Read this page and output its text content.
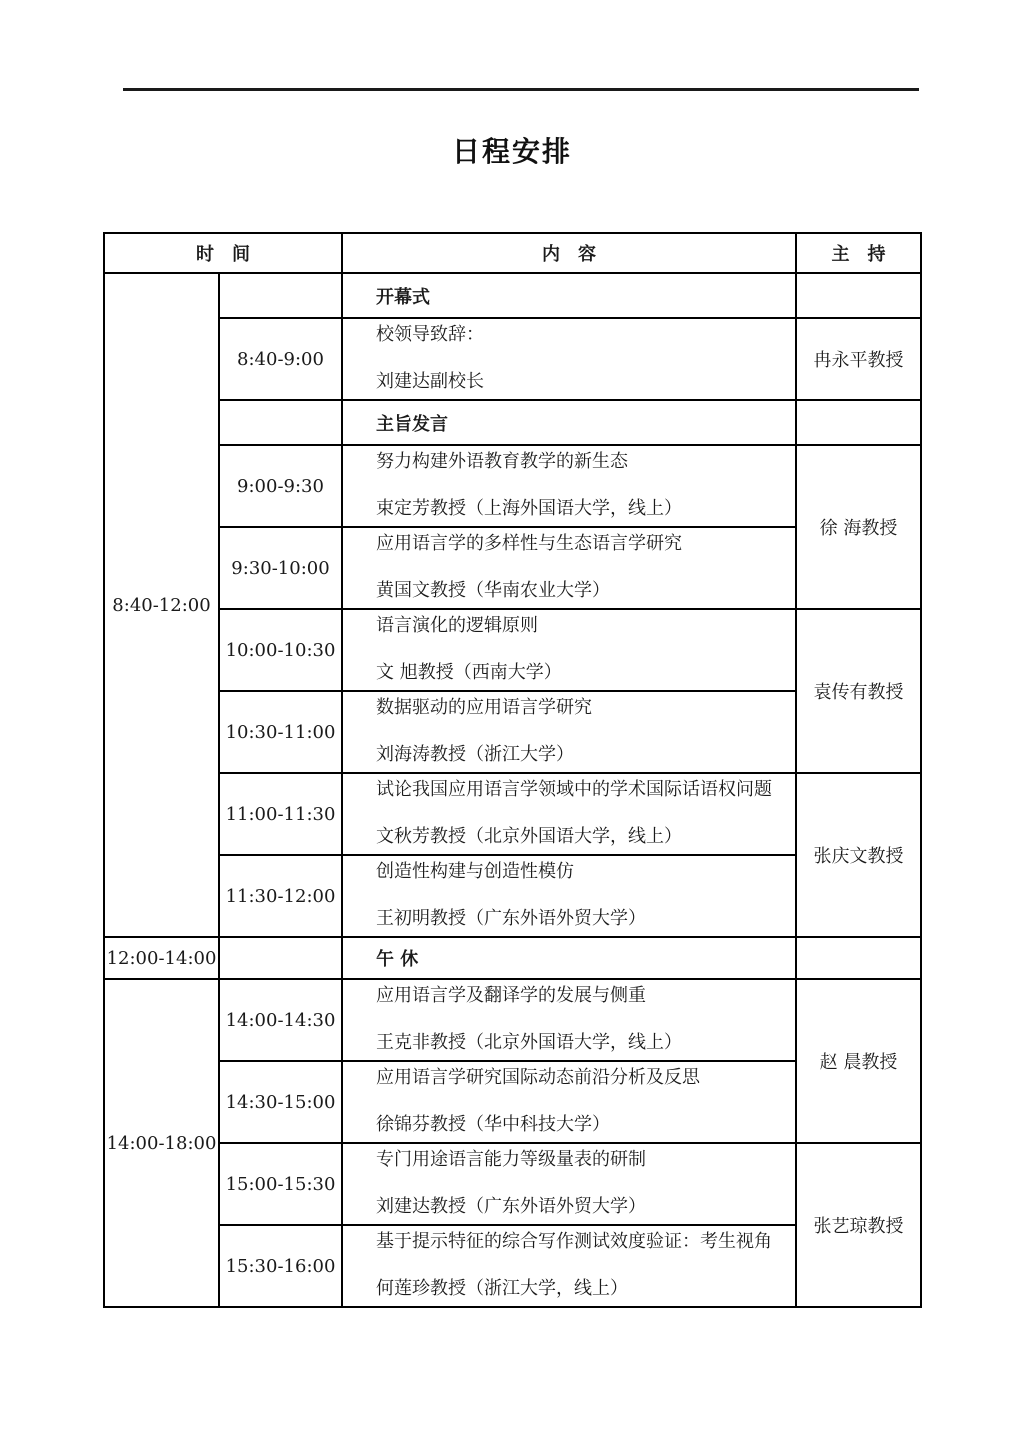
日程安排
时　间		内　容	主　持
8:40-12:00		开幕式	
	8:40-9:00	校领导致辞：
刘建达副校长	冉永平教授
		主旨发言	
	9:00-9:30	努力构建外语教育教学的新生态
束定芳教授（上海外国语大学，线上）	徐 海教授
	9:30-10:00	应用语言学的多样性与生态语言学研究
黄国文教授（华南农业大学）	

	10:00-10:30	语言演化的逻辑原则
文 旭教授（西南大学）	袁传有教授
	10:30-11:00	数据驱动的应用语言学研究
刘海涛教授（浙江大学）	

	11:00-11:30	试论我国应用语言学领域中的学术国际话语权问题
文秋芳教授（北京外国语大学，线上）	张庆文教授
	11:30-12:00	创造性构建与创造性模仿
王初明教授（广东外语外贸大学）	

12:00-14:00		午 休	
14:00-18:00	14:00-14:30	应用语言学及翻译学的发展与侧重
王克非教授（北京外国语大学，线上）	赵 晨教授
	14:30-15:00	应用语言学研究国际动态前沿分析及反思
徐锦芬教授（华中科技大学）	

	15:00-15:30	专门用途语言能力等级量表的研制
刘建达教授（广东外语外贸大学）	张艺琼教授
	15:30-16:00	基于提示特征的综合写作测试效度验证：考生视角
何莲珍教授（浙江大学，线上）	
